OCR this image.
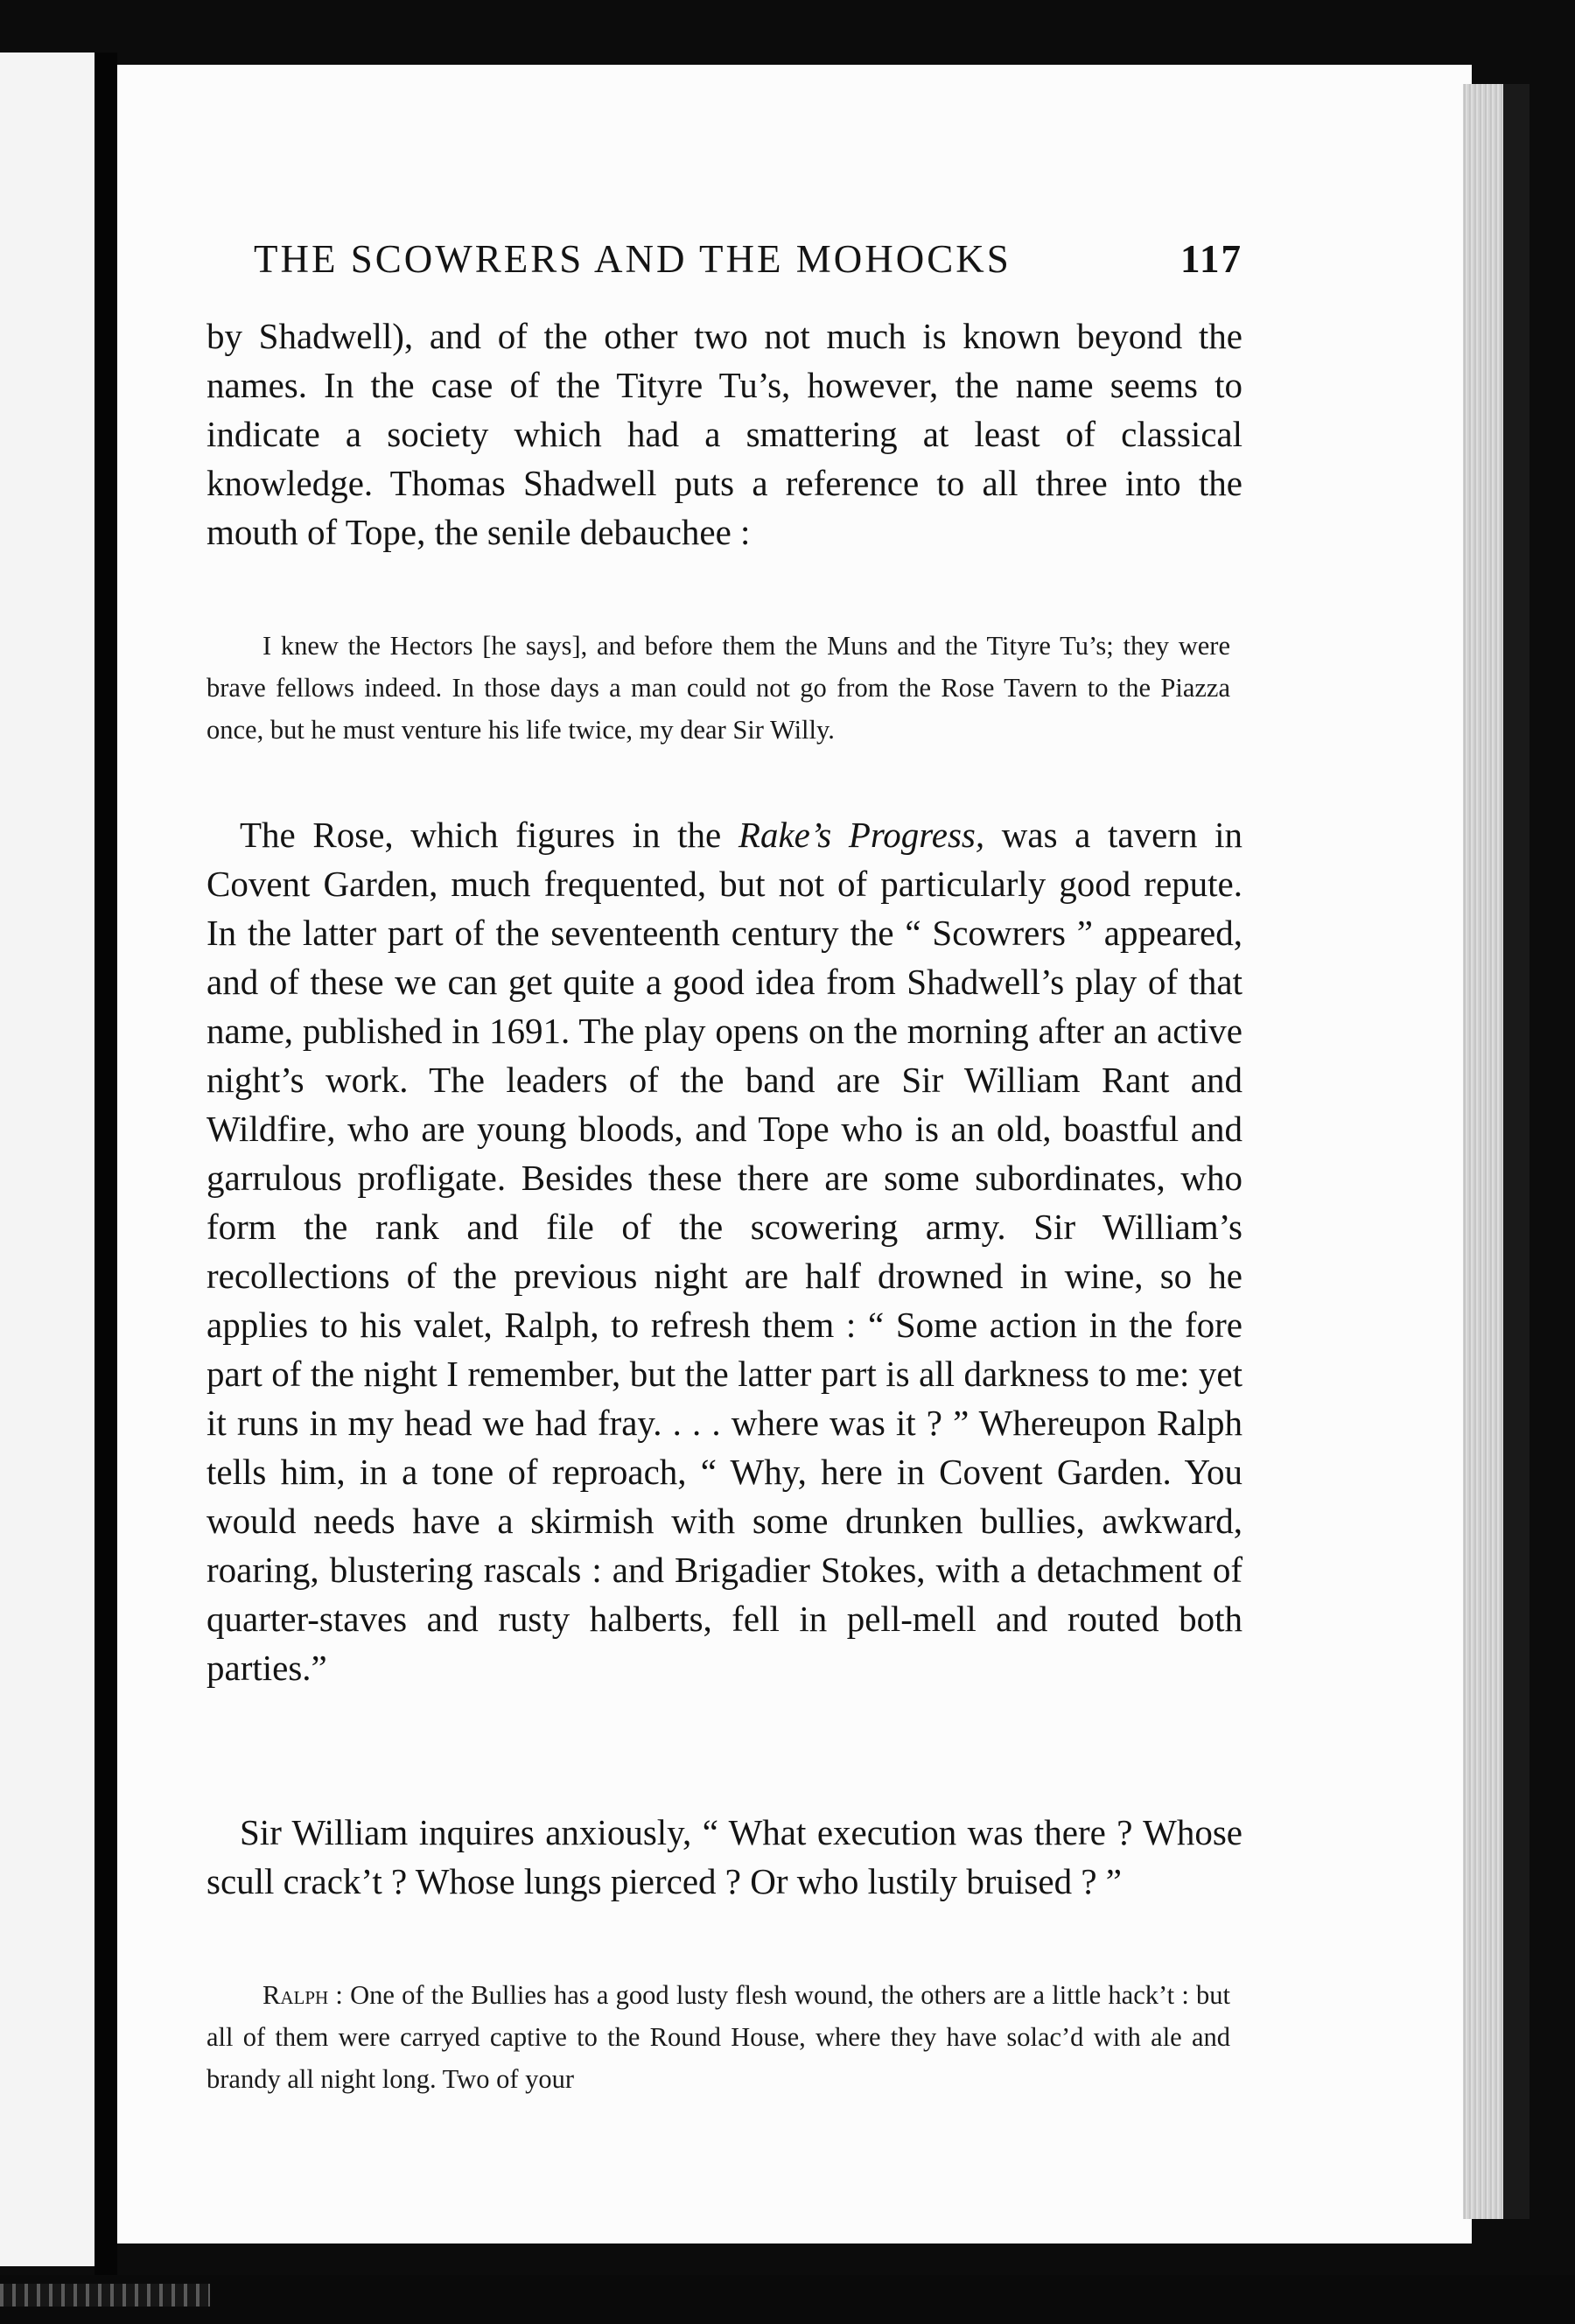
THE SCOWRERS AND THE MOHOCKS	117

by Shadwell), and of the other two not much is known beyond the names. In the case of the Tityre Tu’s, however, the name seems to indicate a society which had a smattering at least of classical knowledge. Thomas Shadwell puts a reference to all three into the mouth of Tope, the senile debauchee :

I knew the Hectors [he says], and before them the Muns and the Tityre Tu’s; they were brave fellows indeed. In those days a man could not go from the Rose Tavern to the Piazza once, but he must venture his life twice, my dear Sir Willy.

The Rose, which figures in the Rake’s Progress, was a tavern in Covent Garden, much frequented, but not of particularly good repute. In the latter part of the seventeenth century the “ Scowrers ” appeared, and of these we can get quite a good idea from Shadwell’s play of that name, published in 1691. The play opens on the morning after an active night’s work. The leaders of the band are Sir William Rant and Wildfire, who are young bloods, and Tope who is an old, boastful and garrulous profligate. Besides these there are some subordinates, who form the rank and file of the scowering army. Sir William’s recollections of the previous night are half drowned in wine, so he applies to his valet, Ralph, to refresh them : “ Some action in the fore part of the night I remember, but the latter part is all darkness to me: yet it runs in my head we had fray. . . . where was it ? ” Whereupon Ralph tells him, in a tone of reproach, “ Why, here in Covent Garden. You would needs have a skirmish with some drunken bullies, awkward, roaring, blustering rascals : and Brigadier Stokes, with a detachment of quarter-staves and rusty halberts, fell in pell-mell and routed both parties.”

Sir William inquires anxiously, “ What execution was there ? Whose scull crack’t ? Whose lungs pierced ? Or who lustily bruised ? ”

Ralph : One of the Bullies has a good lusty flesh wound, the others are a little hack’t : but all of them were carryed captive to the Round House, where they have solac’d with ale and brandy all night long. Two of your
